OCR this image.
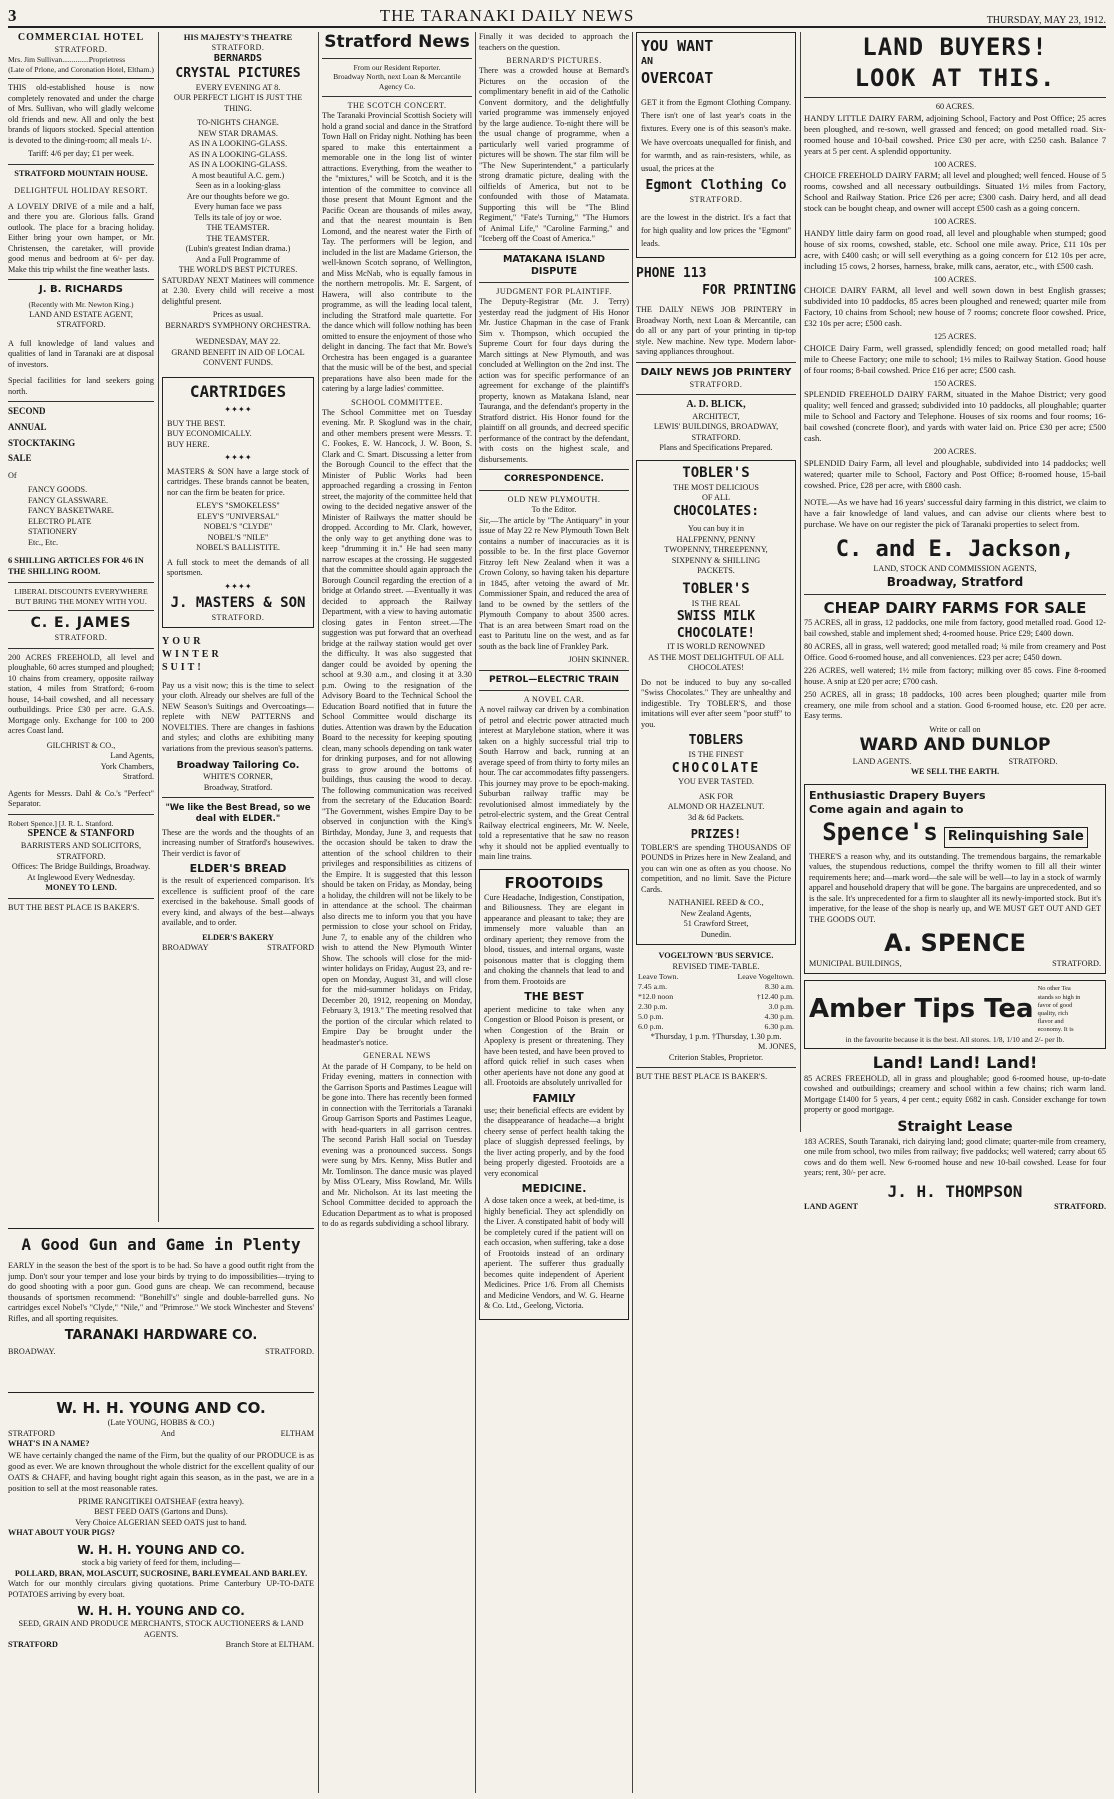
3	THE TARANAKI DAILY NEWS	THURSDAY, MAY 23, 1912.
COMMERCIAL HOTEL
STRATFORD.
Mrs. Jim Sullivan..............Proprietress
(Late of Prlone, and Coronation Hotel, Eltham.)

THIS old-established house is now completely renovated and under the charge of Mrs. Sullivan, who will gladly welcome old friends and new. All and only the best brands of liquors stocked. Special attention is devoted to the dining-room; all meals 1/-.

Tariff: 4/6 per day; £1 per week.
STRATFORD MOUNTAIN HOUSE.
DELIGHTFUL HOLIDAY RESORT.

A LOVELY DRIVE of a mile and a half, and there you are. Glorious falls. Grand outlook. The place for a bracing holiday. Either bring your own hamper, or Mr. Christensen, the caretaker, will provide good menus and bedroom at 6/- per day. Make this trip whilst the fine weather lasts.

J. B. RICHARDS
(Recently with Mr. Newton King.)
LAND AND ESTATE AGENT,
STRATFORD.

A full knowledge of land values and qualities of land in Taranaki are at disposal of investors.

Special facilities for land seekers going north.

SECOND
ANNUAL
STOCKTAKING
SALE
Of
FANCY GOODS.
FANCY GLASSWARE.
FANCY BASKETWARE.
ELECTRO PLATE
STATIONERY
Etc., Etc.
6 SHILLING ARTICLES FOR 4/6 IN THE SHILLING ROOM.
LIBERAL DISCOUNTS EVERYWHERE BUT BRING THE MONEY WITH YOU.
C. E. JAMES
STRATFORD.

200 ACRES FREEHOLD, all level and ploughable, 60 acres stumped and ploughed; 10 chains from creamery, opposite railway station, 4 miles from Stratford; 6-room house, 14-bail cowshed, and all necessary outbuildings. Price £30 per acre. G.A.S. Mortgage only. Exchange for 100 to 200 acres Coast land.

GILCHRIST & CO.,
Land Agents,
York Chambers,
Stratford.

Agents for Messrs. Dahl & Co.'s "Perfect" Separator.

Robert Spence.] [J. R. L. Stanford.
SPENCE & STANFORD
BARRISTERS AND SOLICITORS,
STRATFORD.
Offices: The Bridge Buildings, Broadway.
At Inglewood Every Wednesday.
MONEY TO LEND.
BUT THE BEST PLACE IS BAKER'S.
HIS MAJESTY'S THEATRE
STRATFORD.
BERNARDS
CRYSTAL PICTURES
EVERY EVENING AT 8.
OUR PERFECT LIGHT IS JUST THE THING.
TO-NIGHTS CHANGE.
NEW STAR DRAMAS.
AS IN A LOOKING-GLASS.
AS IN A LOOKING-GLASS.
AS IN A LOOKING-GLASS.
A most beautiful A.C. gem.)
Seen as in a looking-glass
Are our thoughts before we go.
Every human face we pass
Tells its tale of joy or woe.
THE TEAMSTER.
THE TEAMSTER.
(Lubin's greatest Indian drama.)
And a Full Programme of
THE WORLD'S BEST PICTURES.

SATURDAY NEXT Matinees will commence at 2.30. Every child will receive a most delightful present.

Prices as usual.
BERNARD'S SYMPHONY ORCHESTRA.
WEDNESDAY, MAY 22.
GRAND BENEFIT IN AID OF LOCAL CONVENT FUNDS.
CARTRIDGES
✦✦✦✦
BUY THE BEST.
BUY ECONOMICALLY.
BUY HERE.
✦✦✦✦

MASTERS & SON have a large stock of cartridges. These brands cannot be beaten, nor can the firm be beaten for price.

ELEY'S "SMOKELESS"
ELEY'S "UNIVERSAL"
NOBEL'S "CLYDE"
NOBEL'S "NILE"
NOBEL'S BALLISTITE.

A full stock to meet the demands of all sportsmen.

✦✦✦✦
J. MASTERS & SON
STRATFORD.
YOUR
WINTER
SUIT!

Pay us a visit now; this is the time to select your cloth. Already our shelves are full of the NEW Season's Suitings and Overcoatings—replete with NEW PATTERNS and NOVELTIES. There are changes in fashions and styles; and cloths are exhibiting many variations from the previous season's patterns.

Broadway Tailoring Co.
WHITE'S CORNER,
Broadway, Stratford.
"We like the Best Bread, so we deal with ELDER."

These are the words and the thoughts of an increasing number of Stratford's housewives. Their verdict is favor of

ELDER'S BREAD

is the result of experienced comparison. It's excellence is sufficient proof of the care exercised in the bakehouse. Small goods of every kind, and always of the best—always available, and to order.

ELDER'S BAKERY
BROADWAY	STRATFORD
A Good Gun and Game in Plenty

EARLY in the season the best of the sport is to be had. So have a good outfit right from the jump. Don't sour your temper and lose your birds by trying to do impossibilities—trying to do good shooting with a poor gun. Good guns are cheap. We can recommend, because thousands of sportsmen recommend: "Bonehill's" single and double-barrelled guns. No cartridges excel Nobel's "Clyde," "Nile," and "Primrose." We stock Winchester and Stevens' Rifles, and all sporting requisites.

TARANAKI HARDWARE CO.
BROADWAY.	STRATFORD.
W. H. H. YOUNG AND CO.
(Late YOUNG, HOBBS & CO.)
STRATFORD	And	ELTHAM
WHAT'S IN A NAME?

WE have certainly changed the name of the Firm, but the quality of our PRODUCE is as good as ever. We are known throughout the whole district for the excellent quality of our OATS & CHAFF, and having bought right again this season, as in the past, we are in a position to sell at the most reasonable rates.

PRIME RANGITIKEI OATSHEAF (extra heavy).
BEST FEED OATS (Gartons and Duns).
Very Choice ALGERIAN SEED OATS just to hand.
WHAT ABOUT YOUR PIGS?
W. H. H. YOUNG AND CO.
stock a big variety of feed for them, including—
POLLARD, BRAN, MOLASCUIT, SUCROSINE, BARLEYMEAL AND BARLEY.

Watch for our monthly circulars giving quotations. Prime Canterbury UP-TO-DATE POTATOES arriving by every boat.

W. H. H. YOUNG AND CO.
SEED, GRAIN AND PRODUCE MERCHANTS, STOCK AUCTIONEERS & LAND AGENTS.
STRATFORD	Branch Store at ELTHAM.
Stratford News
From our Resident Reporter.
Broadway North, next Loan & Mercantile Agency Co.
THE SCOTCH CONCERT.

The Taranaki Provincial Scottish Society will hold a grand social and dance in the Stratford Town Hall on Friday night. Nothing has been spared to make this entertainment a memorable one in the long list of winter attractions. Everything, from the weather to the "mixtures," will be Scotch, and it is the intention of the committee to convince all those present that Mount Egmont and the Pacific Ocean are thousands of miles away, and that the nearest mountain is Ben Lomond, and the nearest water the Firth of Tay. The performers will be legion, and included in the list are Madame Grierson, the well-known Scotch soprano, of Wellington, and Miss McNab, who is equally famous in the northern metropolis. Mr. E. Sargent, of Hawera, will also contribute to the programme, as will the leading local talent, including the Stratford male quartette. For the dance which will follow nothing has been omitted to ensure the enjoyment of those who delight in dancing. The fact that Mr. Bowe's Orchestra has been engaged is a guarantee that the music will be of the best, and special preparations have also been made for the catering by a large ladies' committee.

SCHOOL COMMITTEE.

The School Committee met on Tuesday evening. Mr. P. Skoglund was in the chair, and other members present were Messrs. T. C. Fookes, E. W. Hancock, J. W. Boon, S. Clark and C. Smart. Discussing a letter from the Borough Council to the effect that the Minister of Public Works had been approached regarding a crossing in Fenton street, the majority of the committee held that owing to the decided negative answer of the Minister of Railways the matter should be dropped. According to Mr. Clark, however, the only way to get anything done was to keep "drumming it in." He had seen many narrow escapes at the crossing. He suggested that the committee should again approach the Borough Council regarding the erection of a bridge at Orlando street. —Eventually it was decided to approach the Railway Department, with a view to having automatic closing gates in Fenton street.—The suggestion was put forward that an overhead bridge at the railway station would get over the difficulty. It was also suggested that danger could be avoided by opening the school at 9.30 a.m., and closing it at 3.30 p.m. Owing to the resignation of the Advisory Board to the Technical School the Education Board notified that in future the School Committee would discharge its duties. Attention was drawn by the Education Board to the necessity for keeping spouting clean, many schools depending on tank water for drinking purposes, and for not allowing grass to grow around the bottoms of buildings, thus causing the wood to decay. The following communication was received from the secretary of the Education Board: "The Government, wishes Empire Day to be observed in conjunction with the King's Birthday, Monday, June 3, and requests that the occasion should be taken to draw the attention of the school children to their privileges and responsibilities as citizens of the Empire. It is suggested that this lesson should be taken on Friday, as Monday, being a holiday, the children will not be likely to be in attendance at the school. The chairman also directs me to inform you that you have permission to close your school on Friday, June 7, to enable any of the children who wish to attend the New Plymouth Winter Show. The schools will close for the mid-winter holidays on Friday, August 23, and re-open on Monday, August 31, and will close for the mid-summer holidays on Friday, December 20, 1912, reopening on Monday, February 3, 1913." The meeting resolved that the portion of the circular which related to Empire Day be brought under the headmaster's notice.

GENERAL NEWS

At the parade of H Company, to be held on Friday evening, matters in connection with the Garrison Sports and Pastimes League will be gone into. There has recently been formed in connection with the Territorials a Taranaki Group Garrison Sports and Pastimes League, with head-quarters in all garrison centres. The second Parish Hall social on Tuesday evening was a pronounced success. Songs were sung by Mrs. Kenny, Miss Butler and Mr. Tomlinson. The dance music was played by Miss O'Leary, Miss Rowland, Mr. Wills and Mr. Nicholson. At its last meeting the School Committee decided to approach the Education Department as to what is proposed to do as regards subdividing a school library.

Finally it was decided to approach the teachers on the question.

BERNARD'S PICTURES.

There was a crowded house at Bernard's Pictures on the occasion of the complimentary benefit in aid of the Catholic Convent dormitory, and the delightfully varied programme was immensely enjoyed by the large audience. To-night there will be the usual change of programme, when a particularly well varied programme of pictures will be shown. The star film will be "The New Superintendent," a particularly strong dramatic picture, dealing with the oilfields of America, but not to be confounded with those of Matamata. Supporting this will be "The Blind Regiment," "Fate's Turning," "The Humors of Animal Life," "Caroline Farming," and "Iceberg off the Coast of America."

MATAKANA ISLAND DISPUTE
JUDGMENT FOR PLAINTIFF.

The Deputy-Registrar (Mr. J. Terry) yesterday read the judgment of His Honor Mr. Justice Chapman in the case of Frank Sim v. Thompson, which occupied the Supreme Court for four days during the March sittings at New Plymouth, and was concluded at Wellington on the 2nd inst. The action was for specific performance of an agreement for exchange of the plaintiff's property, known as Matakana Island, near Tauranga, and the defendant's property in the Stratford district. His Honor found for the plaintiff on all grounds, and decreed specific performance of the contract by the defendant, with costs on the highest scale, and disbursements.

CORRESPONDENCE.
OLD NEW PLYMOUTH.
To the Editor.

Sir,—The article by "The Antiquary" in your issue of May 22 re New Plymouth Town Belt contains a number of inaccuracies as it is possible to be. In the first place Governor Fitzroy left New Zealand when it was a Crown Colony, so having taken his departure in 1845, after vetoing the award of Mr. Commissioner Spain, and reduced the area of land to be owned by the settlers of the Plymouth Company to about 3500 acres. That is an area between Smart road on the east to Paritutu line on the west, and as far south as the back line of Frankley Park.

JOHN SKINNER.
PETROL—ELECTRIC TRAIN
A NOVEL CAR.

A novel railway car driven by a combination of petrol and electric power attracted much interest at Marylebone station, where it was taken on a highly successful trial trip to South Harrow and back, running at an average speed of from thirty to forty miles an hour. The car accommodates fifty passengers. This journey may prove to be epoch-making. Suburban railway traffic may be revolutionised almost immediately by the petrol-electric system, and the Great Central Railway electrical engineers, Mr. W. Neele, told a representative that he saw no reason why it should not be applied eventually to main line trains.

FROOTOIDS

Cure Headache, Indigestion, Constipation, and Biliousness. They are elegant in appearance and pleasant to take; they are immensely more valuable than an ordinary aperient; they remove from the blood, tissues, and internal organs, waste poisonous matter that is clogging them and choking the channels that lead to and from them. Frootoids are

THE BEST

aperient medicine to take when any Congestion or Blood Poison is present, or when Congestion of the Brain or Apoplexy is present or threatening. They have been tested, and have been proved to afford quick relief in such cases when other aperients have not done any good at all. Frootoids are absolutely unrivalled for

FAMILY

use; their beneficial effects are evident by the disappearance of headache—a bright cheery sense of perfect health taking the place of sluggish depressed feelings, by the liver acting properly, and by the food being properly digested. Frootoids are a very economical

MEDICINE.

A dose taken once a week, at bed-time, is highly beneficial. They act splendidly on the Liver. A constipated habit of body will be completely cured if the patient will on each occasion, when suffering, take a dose of Frootoids instead of an ordinary aperient. The sufferer thus gradually becomes quite independent of Aperient Medicines. Price 1/6. From all Chemists and Medicine Vendors, and W. G. Hearne & Co. Ltd., Geelong, Victoria.

YOU WANT
AN
OVERCOAT

GET it from the Egmont Clothing Company. There isn't one of last year's coats in the fixtures. Every one is of this season's make. We have overcoats unequalled for finish, and for warmth, and as rain-resisters, while, as usual, the prices at the

Egmont Clothing Co
STRATFORD.

are the lowest in the district. It's a fact that for high quality and low prices the "Egmont" leads.

PHONE 113
FOR PRINTING

THE DAILY NEWS JOB PRINTERY in Broadway North, next Loan & Mercantile, can do all or any part of your printing in tip-top style. New machine. New type. Modern labor-saving appliances throughout.

DAILY NEWS JOB PRINTERY
STRATFORD.
A. D. BLICK,
ARCHITECT,
LEWIS' BUILDINGS, BROADWAY,
STRATFORD.
Plans and Specifications Prepared.
TOBLER'S
THE MOST DELICIOUS
OF ALL
CHOCOLATES:
You can buy it in
HALFPENNY, PENNY
TWOPENNY, THREEPENNY,
SIXPENNY & SHILLING
PACKETS.
TOBLER'S
IS THE REAL
SWISS MILK
CHOCOLATE!
IT IS WORLD RENOWNED
AS THE MOST DELIGHTFUL OF ALL CHOCOLATES!

Do not be induced to buy any so-called "Swiss Chocolates." They are unhealthy and indigestible. Try TOBLER'S, and those imitations will ever after seem "poor stuff" to you.

TOBLERS
IS THE FINEST
CHOCOLATE
YOU EVER TASTED.
ASK FOR
ALMOND OR HAZELNUT.
3d & 6d Packets.
PRIZES!

TOBLER'S are spending THOUSANDS OF POUNDS in Prizes here in New Zealand, and you can win one as often as you choose. No competition, and no limit. Save the Picture Cards.

NATHANIEL REED & CO.,
New Zealand Agents,
51 Crawford Street,
Dunedin.
VOGELTOWN 'BUS SERVICE.
REVISED TIME-TABLE.
Leave Town.	Leave Vogeltown.
7.45 a.m.	8.30 a.m.
*12.0 noon	†12.40 p.m.
2.30 p.m.	3.0 p.m.
5.0 p.m.	4.30 p.m.
6.0 p.m.	6.30 p.m.
*Thursday, 1 p.m. †Thursday, 1.30 p.m.
M. JONES,
Criterion Stables, Proprietor.
BUT THE BEST PLACE IS BAKER'S.
LAND BUYERS!
LOOK AT THIS.
60 ACRES.

HANDY LITTLE DAIRY FARM, adjoining School, Factory and Post Office; 25 acres been ploughed, and re-sown, well grassed and fenced; on good metalled road. Six-roomed house and 10-bail cowshed. Price £30 per acre, with £250 cash. Balance 7 years at 5 per cent. A splendid opportunity.

100 ACRES.

CHOICE FREEHOLD DAIRY FARM; all level and ploughed; well fenced. House of 5 rooms, cowshed and all necessary outbuildings. Situated 1½ miles from Factory, School and Railway Station. Price £26 per acre; £300 cash. Dairy herd, and all dead stock can be bought cheap, and owner will accept £500 cash as a going concern.

100 ACRES.

HANDY little dairy farm on good road, all level and ploughable when stumped; good house of six rooms, cowshed, stable, etc. School one mile away. Price, £11 10s per acre, with £400 cash; or will sell everything as a going concern for £12 10s per acre, including 15 cows, 2 horses, harness, brake, milk cans, aerator, etc., with £500 cash.

100 ACRES.

CHOICE DAIRY FARM, all level and well sown down in best English grasses; subdivided into 10 paddocks, 85 acres been ploughed and renewed; quarter mile from Factory, 10 chains from School; new house of 7 rooms; concrete floor cowshed. Price, £32 10s per acre; £500 cash.

125 ACRES.

CHOICE Dairy Farm, well grassed, splendidly fenced; on good metalled road; half mile to Cheese Factory; one mile to school; 1½ miles to Railway Station. Good house of four rooms; 8-bail cowshed. Price £16 per acre; £500 cash.

150 ACRES.

SPLENDID FREEHOLD DAIRY FARM, situated in the Mahoe District; very good quality; well fenced and grassed; subdivided into 10 paddocks, all ploughable; quarter mile to School and Factory and Telephone. Houses of six rooms and four rooms; 16-bail cowshed (concrete floor), and yards with water laid on. Price £30 per acre; £500 cash.

200 ACRES.

SPLENDID Dairy Farm, all level and ploughable, subdivided into 14 paddocks; well watered; quarter mile to School, Factory and Post Office; 8-roomed house, 15-bail cowshed. Price, £28 per acre, with £800 cash.

NOTE.—As we have had 16 years' successful dairy farming in this district, we claim to have a fair knowledge of land values, and can advise our clients where best to purchase. We have on our register the pick of Taranaki properties to select from.

C. and E. Jackson,
LAND, STOCK AND COMMISSION AGENTS,
Broadway, Stratford
CHEAP DAIRY FARMS FOR SALE

75 ACRES, all in grass, 12 paddocks, one mile from factory, good metalled road. Good 12-bail cowshed, stable and implement shed; 4-roomed house. Price £29; £400 down.

80 ACRES, all in grass, well watered; good metalled road; ¼ mile from creamery and Post Office. Good 6-roomed house, and all conveniences. £23 per acre; £450 down.

226 ACRES, well watered; 1½ mile from factory; milking over 85 cows. Fine 8-roomed house. A snip at £20 per acre; £700 cash.

250 ACRES, all in grass; 18 paddocks, 100 acres been ploughed; quarter mile from creamery, one mile from school and a station. Good 6-roomed house, etc. £20 per acre. Easy terms.

Write or call on
WARD AND DUNLOP
LAND AGENTS.	STRATFORD.
WE SELL THE EARTH.
Enthusiastic Drapery Buyers
Come again and again to
Spence's Relinquishing Sale

THERE'S a reason why, and its outstanding. The tremendous bargains, the remarkable values, the stupendous reductions, compel the thrifty women to fill all their winter requirements here; and—mark word—the sale will be well—to lay in a stock of warmly apparel and household drapery that will be gone. The bargains are unprecedented, and so is the sale. It's unprecedented for a firm to slaughter all its newly-imported stock. But it's imperative, for the lease of the shop is nearly up, and WE MUST GET OUT AND GET THE GOODS OUT.

A. SPENCE
MUNICIPAL BUILDINGS,	STRATFORD.
Amber Tips Tea
No other Tea stands so high in favor of good quality, rich flavor and economy. It is
in the favourite because it is the best. All stores. 1/8, 1/10 and 2/- per lb.
Land! Land! Land!

85 ACRES FREEHOLD, all in grass and ploughable; good 6-roomed house, up-to-date cowshed and outbuildings; creamery and school within a few chains; rich warm land. Mortgage £1400 for 5 years, 4 per cent.; equity £682 in cash. Consider exchange for town property or good mortgage.

Straight Lease

183 ACRES, South Taranaki, rich dairying land; good climate; quarter-mile from creamery, one mile from school, two miles from railway; five paddocks; well watered; carry about 65 cows and do them well. New 6-roomed house and new 10-bail cowshed. Lease for four years; rent, 30/- per acre.

J. H. THOMPSON
LAND AGENT	STRATFORD.
